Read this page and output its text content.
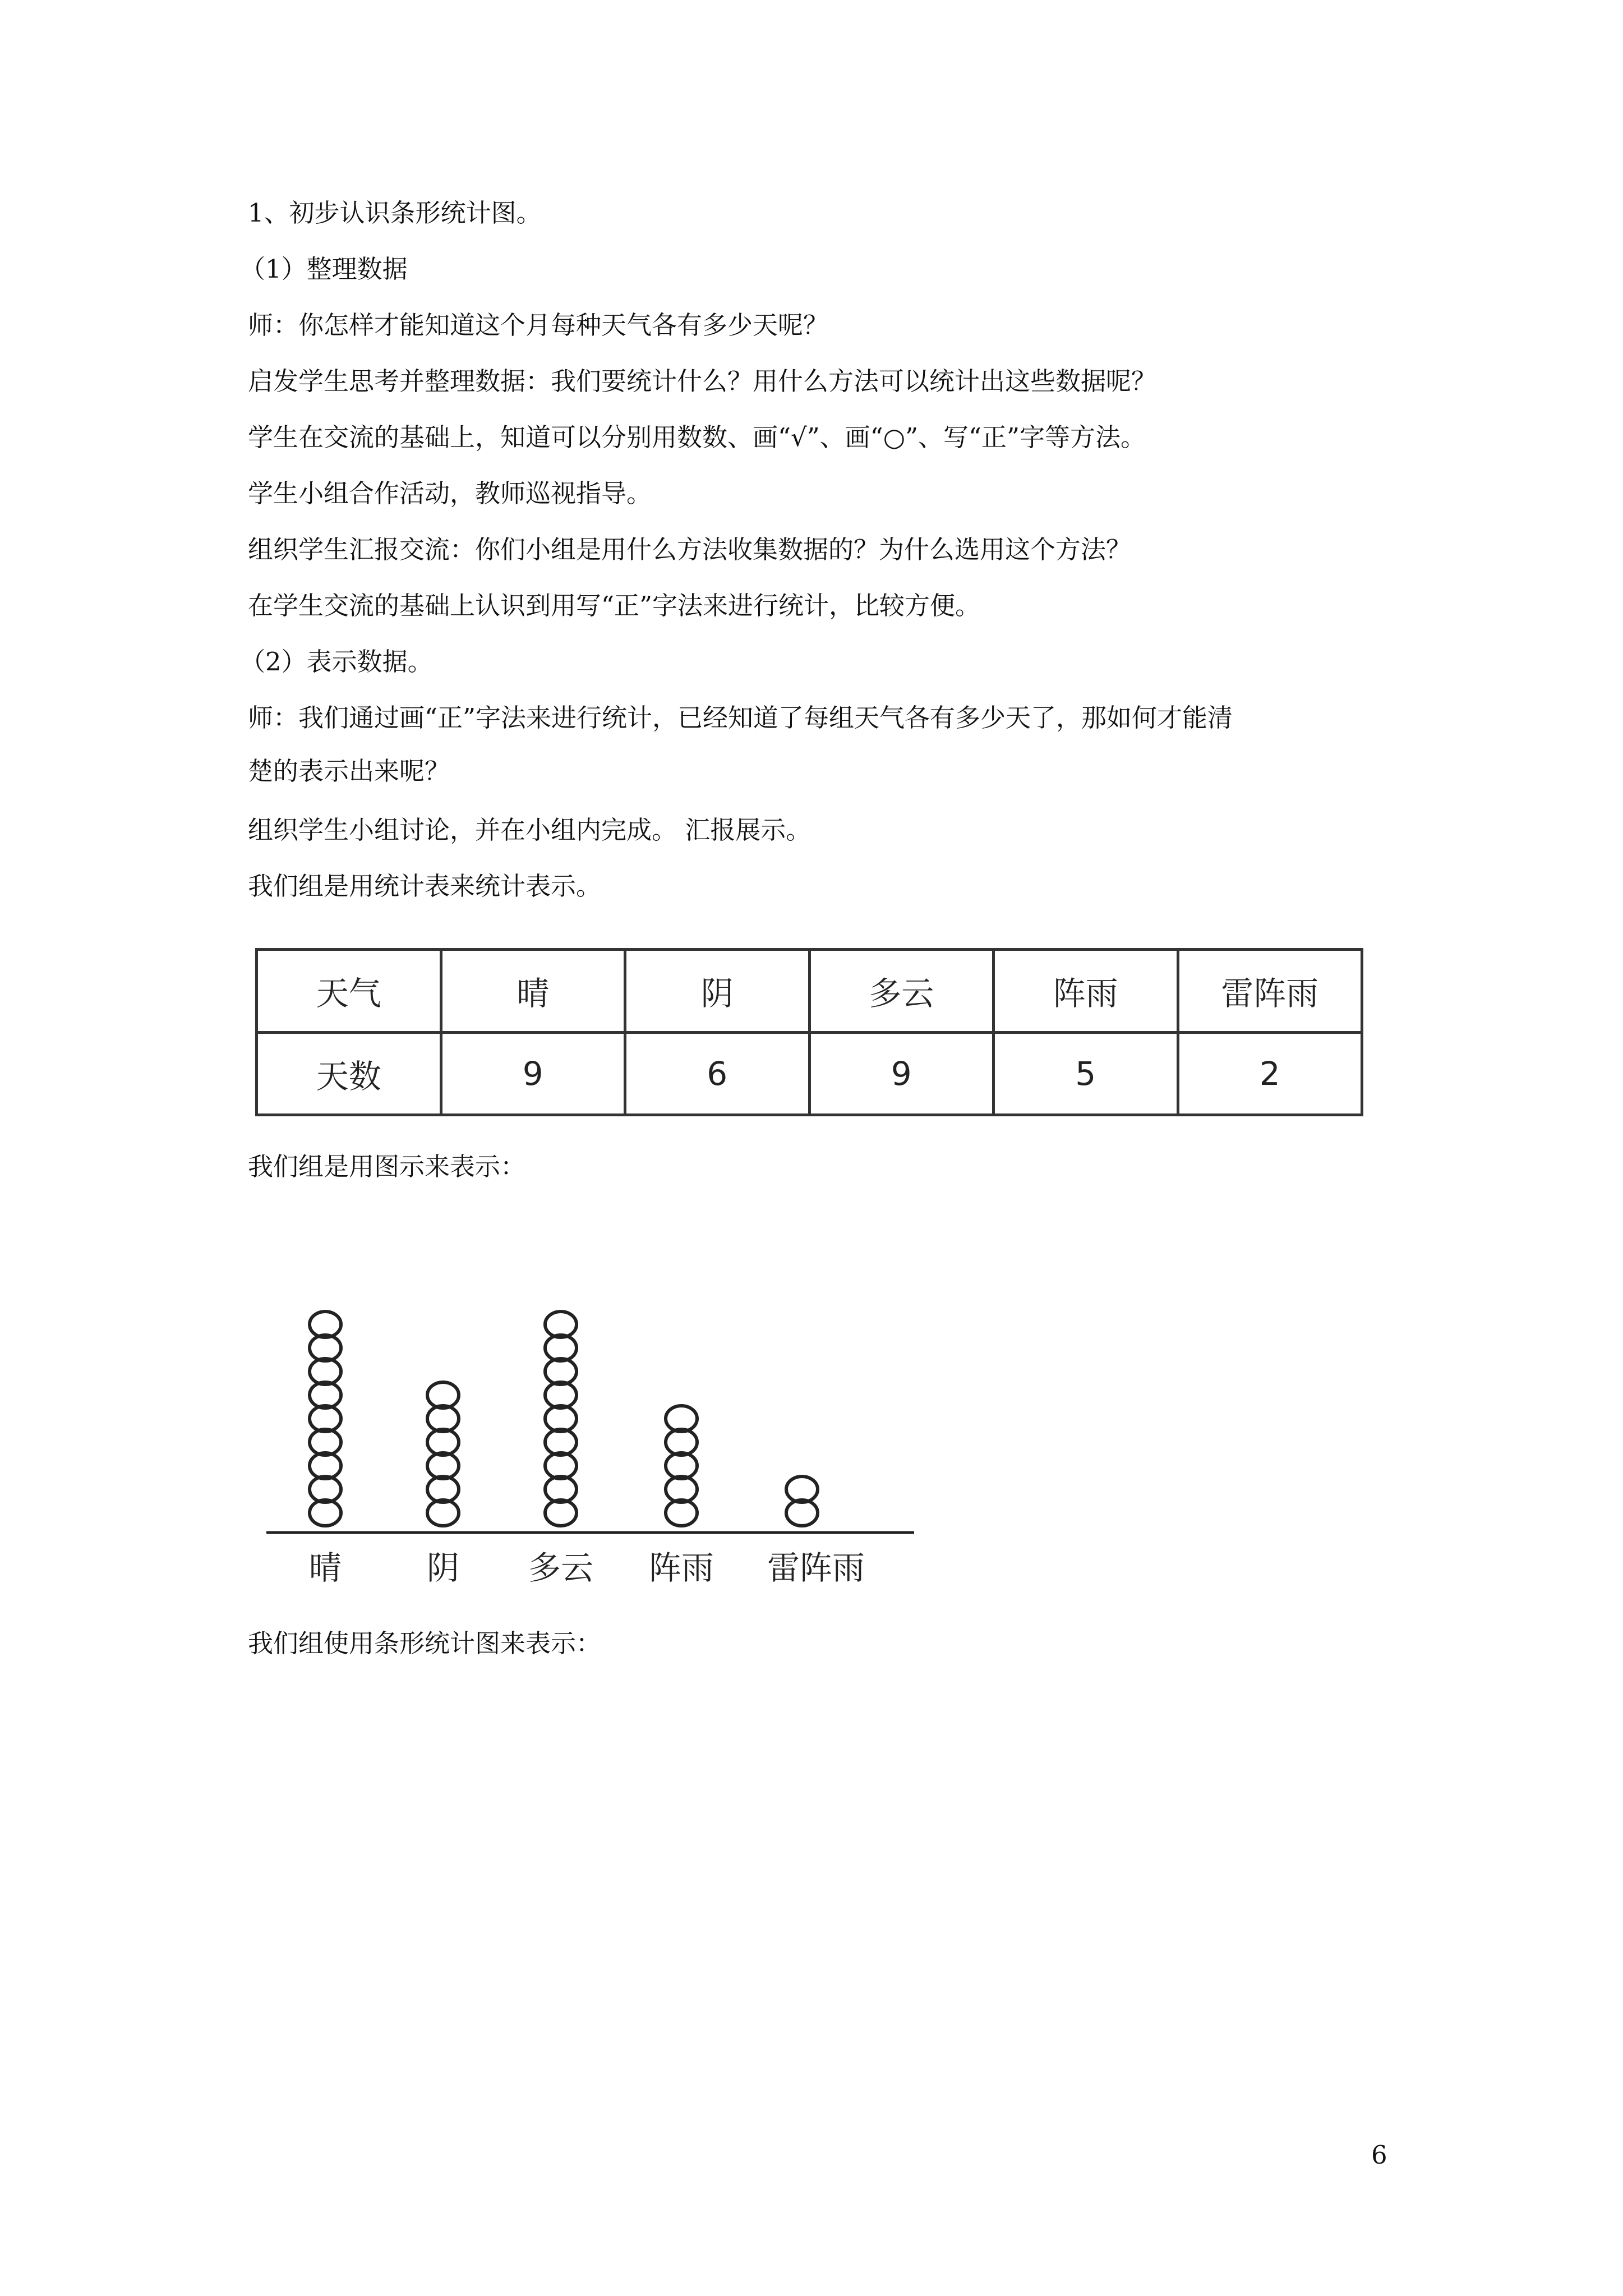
1、初步认识条形统计图。
（1）整理数据
师：你怎样才能知道这个月每种天气各有多少天呢？
启发学生思考并整理数据：我们要统计什么？用什么方法可以统计出这些数据呢？
学生在交流的基础上，知道可以分别用数数、画“√”、画“○”、写“正”字等方法。
学生小组合作活动，教师巡视指导。
组织学生汇报交流：你们小组是用什么方法收集数据的？为什么选用这个方法？
在学生交流的基础上认识到用写“正”字法来进行统计，比较方便。
（2）表示数据。
师：我们通过画“正”字法来进行统计，已经知道了每组天气各有多少天了，那如何才能清
楚的表示出来呢？
组织学生小组讨论，并在小组内完成。 汇报展示。
我们组是用统计表来统计表示。
天气	晴	阴	多云	阵雨	雷阵雨
天数	9	6	9	5	2
我们组是用图示来表示：
晴	阴 多云 阵雨 雷阵雨
我们组使用条形统计图来表示：
6
